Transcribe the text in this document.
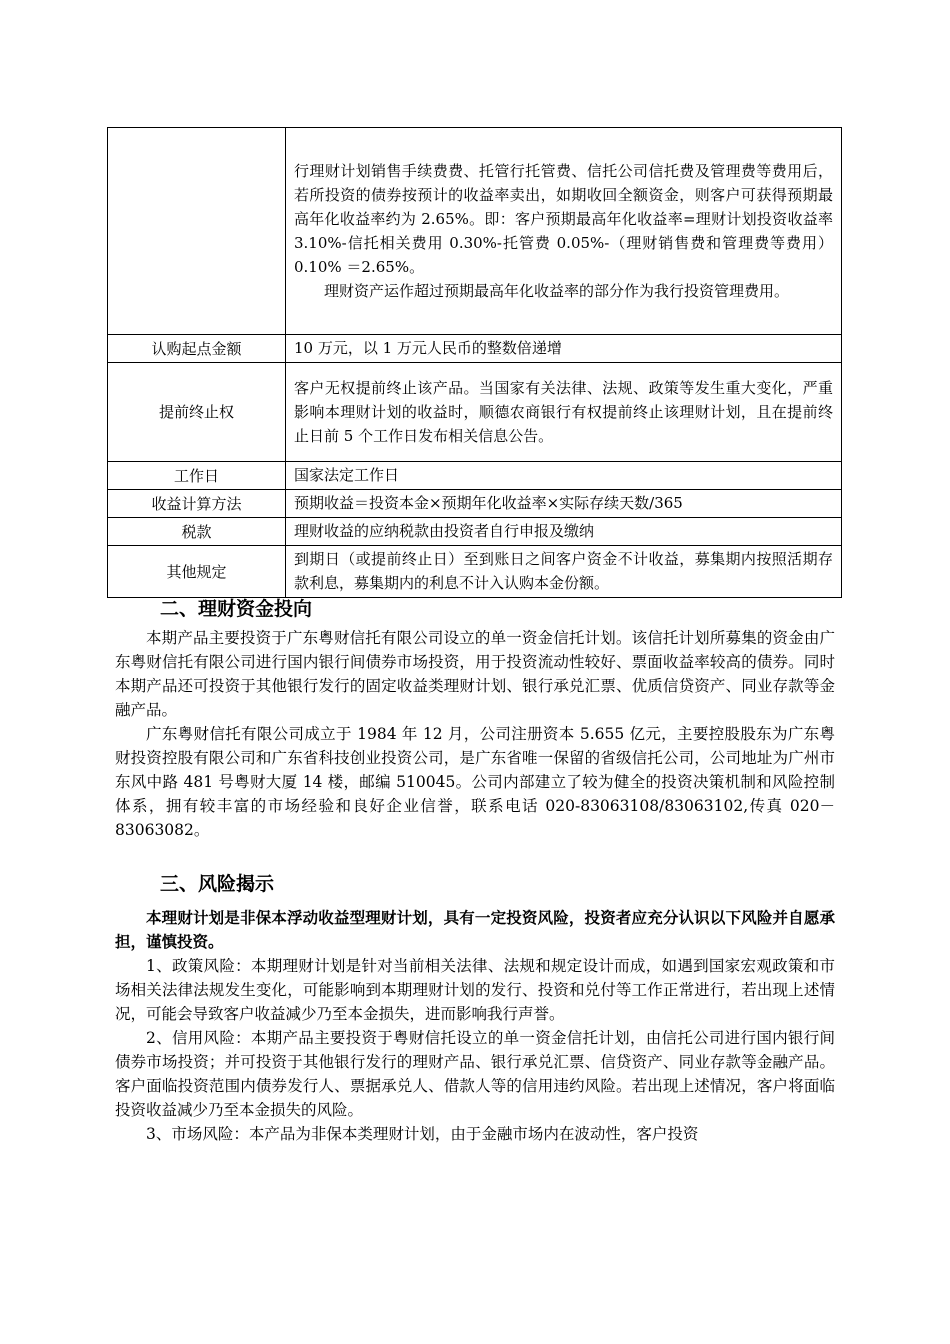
	行理财计划销售手续费费、托管行托管费、信托公司信托费及管理费等费用后，若所投资的债券按预计的收益率卖出，如期收回全额资金，则客户可获得预期最高年化收益率约为 2.65%。即：客户预期最高年化收益率=理财计划投资收益率 3.10%-信托相关费用 0.30%-托管费 0.05%-（理财销售费和管理费等费用）0.10% ＝2.65%。
理财资产运作超过预期最高年化收益率的部分作为我行投资管理费用。

认购起点金额	10 万元，以 1 万元人民币的整数倍递增
提前终止权	客户无权提前终止该产品。当国家有关法律、法规、政策等发生重大变化，严重影响本理财计划的收益时，顺德农商银行有权提前终止该理财计划，且在提前终止日前 5 个工作日发布相关信息公告。
工作日	国家法定工作日
收益计算方法	预期收益＝投资本金×预期年化收益率×实际存续天数/365
税款	理财收益的应纳税款由投资者自行申报及缴纳
其他规定	到期日（或提前终止日）至到账日之间客户资金不计收益，募集期内按照活期存款利息，募集期内的利息不计入认购本金份额。
二、理财资金投向

本期产品主要投资于广东粤财信托有限公司设立的单一资金信托计划。该信托计划所募集的资金由广东粤财信托有限公司进行国内银行间债券市场投资，用于投资流动性较好、票面收益率较高的债券。同时本期产品还可投资于其他银行发行的固定收益类理财计划、银行承兑汇票、优质信贷资产、同业存款等金融产品。

广东粤财信托有限公司成立于 1984 年 12 月，公司注册资本 5.655 亿元，主要控股股东为广东粤财投资控股有限公司和广东省科技创业投资公司，是广东省唯一保留的省级信托公司，公司地址为广州市东风中路 481 号粤财大厦 14 楼，邮编 510045。公司内部建立了较为健全的投资决策机制和风险控制体系，拥有较丰富的市场经验和良好企业信誉，联系电话 020-83063108/83063102,传真 020－83063082。

三、风险揭示

本理财计划是非保本浮动收益型理财计划，具有一定投资风险，投资者应充分认识以下风险并自愿承担，谨慎投资。

1、政策风险：本期理财计划是针对当前相关法律、法规和规定设计而成，如遇到国家宏观政策和市场相关法律法规发生变化，可能影响到本期理财计划的发行、投资和兑付等工作正常进行，若出现上述情况，可能会导致客户收益减少乃至本金损失，进而影响我行声誉。

2、信用风险：本期产品主要投资于粤财信托设立的单一资金信托计划，由信托公司进行国内银行间债券市场投资；并可投资于其他银行发行的理财产品、银行承兑汇票、信贷资产、同业存款等金融产品。客户面临投资范围内债券发行人、票据承兑人、借款人等的信用违约风险。若出现上述情况，客户将面临投资收益减少乃至本金损失的风险。

3、市场风险：本产品为非保本类理财计划，由于金融市场内在波动性，客户投资
